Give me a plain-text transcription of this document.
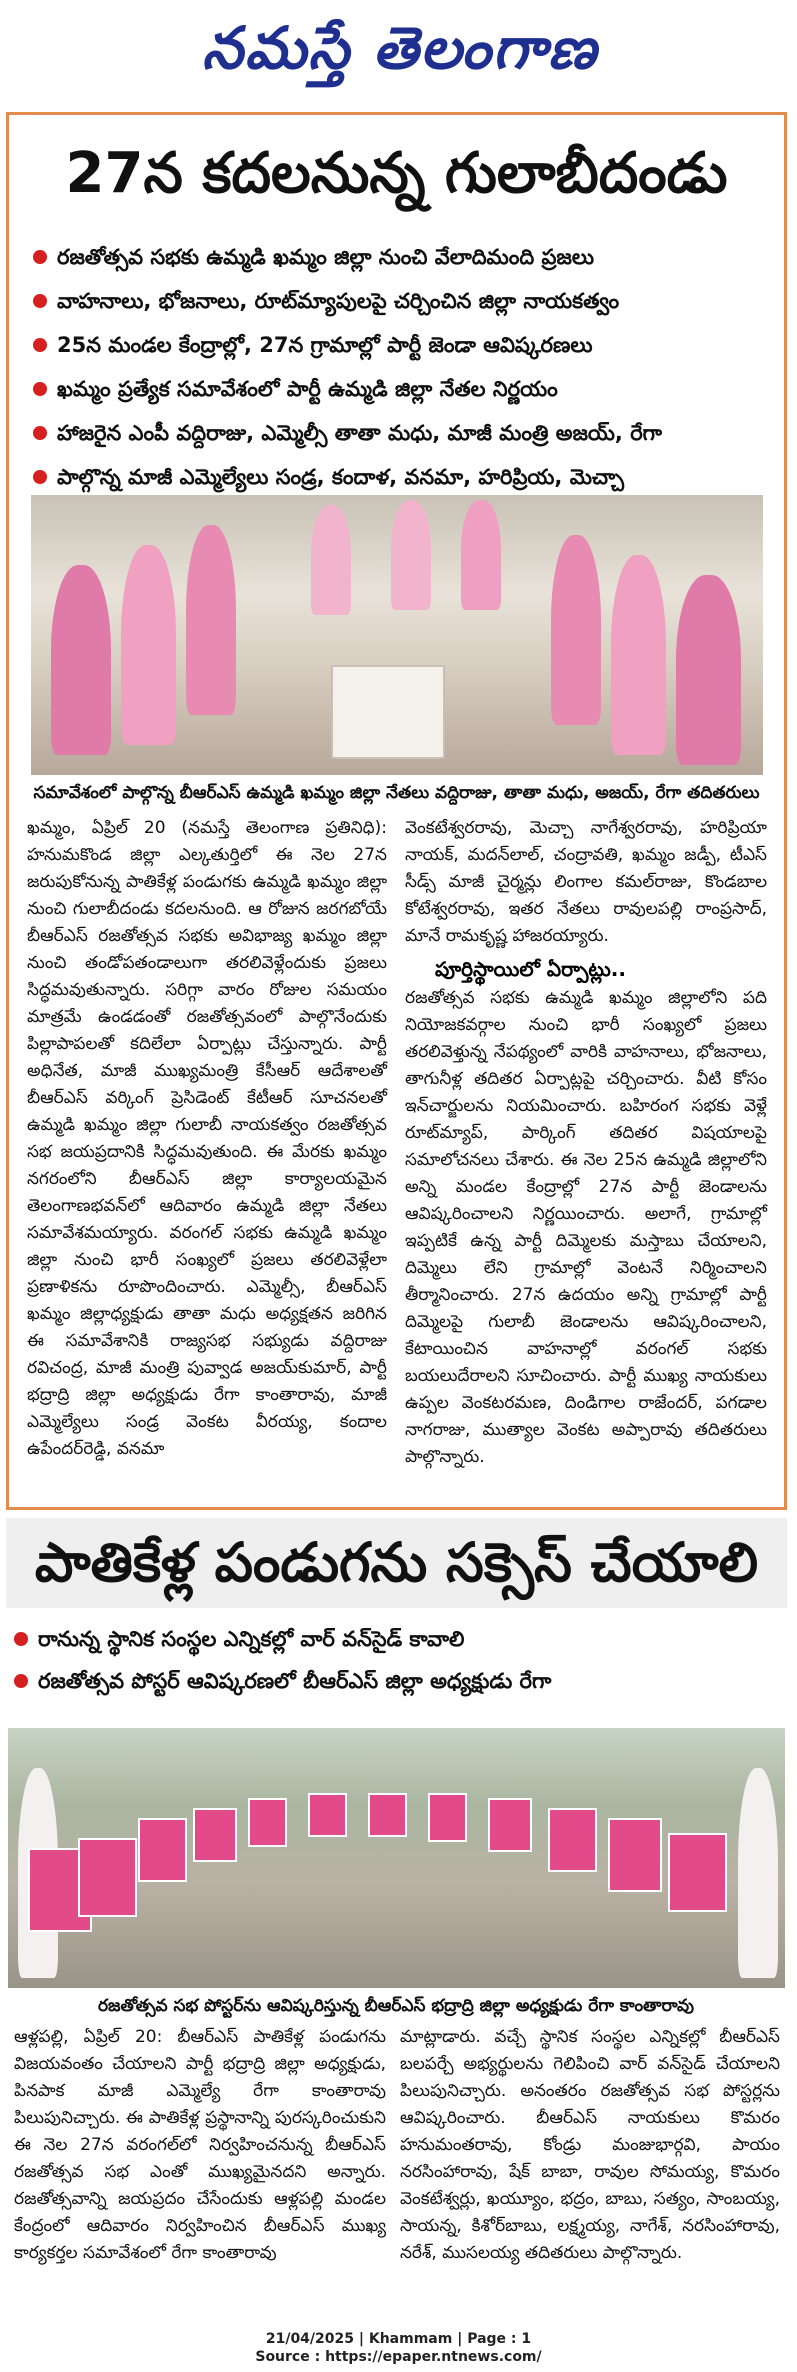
నమస్తే తెలంగాణ
27న కదలనున్న గులాబీదండు
రజతోత్సవ సభకు ఉమ్మడి ఖమ్మం జిల్లా నుంచి వేలాదిమంది ప్రజలు
వాహనాలు, భోజనాలు, రూట్‌మ్యాపులపై చర్చించిన జిల్లా నాయకత్వం
25న మండల కేంద్రాల్లో, 27న గ్రామాల్లో పార్టీ జెండా ఆవిష్కరణలు
ఖమ్మం ప్రత్యేక సమావేశంలో పార్టీ ఉమ్మడి జిల్లా నేతల నిర్ణయం
హాజరైన ఎంపీ వద్దిరాజు, ఎమ్మెల్సీ తాతా మధు, మాజీ మంత్రి అజయ్, రేగా
పాల్గొన్న మాజీ ఎమ్మెల్యేలు సండ్ర, కందాళ, వనమా, హరిప్రియ, మెచ్చా
సమావేశంలో పాల్గొన్న బీఆర్‌ఎస్ ఉమ్మడి ఖమ్మం జిల్లా నేతలు వద్దిరాజు, తాతా మధు, అజయ్, రేగా తదితరులు
ఖమ్మం, ఏప్రిల్ 20 (నమస్తే తెలంగాణ ప్రతినిధి): హనుమకొండ జిల్లా ఎల్కతుర్తిలో ఈ నెల 27న జరుపుకోనున్న పాతికేళ్ల పండుగకు ఉమ్మడి ఖమ్మం జిల్లా నుంచి గులాబీదండు కదలనుంది. ఆ రోజున జరగబోయే బీఆర్‌ఎస్ రజతోత్సవ సభకు అవిభాజ్య ఖమ్మం జిల్లా నుంచి తండోపతండాలుగా తరలివెళ్లేందుకు ప్రజలు సిద్ధమవుతున్నారు. సరిగ్గా వారం రోజుల సమయం మాత్రమే ఉండడంతో రజతోత్సవంలో పాల్గొనేందుకు పిల్లాపాపలతో కదిలేలా ఏర్పాట్లు చేస్తున్నారు. పార్టీ అధినేత, మాజీ ముఖ్యమంత్రి కేసీఆర్ ఆదేశాలతో బీఆర్‌ఎస్ వర్కింగ్ ప్రెసిడెంట్ కేటీఆర్ సూచనలతో ఉమ్మడి ఖమ్మం జిల్లా గులాబీ నాయకత్వం రజతోత్సవ సభ జయప్రదానికి సిద్ధమవుతుంది. ఈ మేరకు ఖమ్మం నగరంలోని బీఆర్‌ఎస్ జిల్లా కార్యాలయమైన తెలంగాణభవన్‌లో ఆదివారం ఉమ్మడి జిల్లా నేతలు సమావేశమయ్యారు. వరంగల్ సభకు ఉమ్మడి ఖమ్మం జిల్లా నుంచి భారీ సంఖ్యలో ప్రజలు తరలివెళ్లేలా ప్రణాళికను రూపొందించారు. ఎమ్మెల్సీ, బీఆర్‌ఎస్ ఖమ్మం జిల్లాధ్యక్షుడు తాతా మధు అధ్యక్షతన జరిగిన ఈ సమావేశానికి రాజ్యసభ సభ్యుడు వద్దిరాజు రవిచంద్ర, మాజీ మంత్రి పువ్వాడ అజయ్‌కుమార్, పార్టీ భద్రాద్రి జిల్లా అధ్యక్షుడు రేగా కాంతారావు, మాజీ ఎమ్మెల్యేలు సండ్ర వెంకట వీరయ్య, కందాల ఉపేందర్‌రెడ్డి, వనమా
వెంకటేశ్వరరావు, మెచ్చా నాగేశ్వరరావు, హరిప్రియా నాయక్, మదన్‌లాల్, చంద్రావతి, ఖమ్మం జడ్పీ, టీఎస్ సీడ్స్ మాజీ చైర్మన్లు లింగాల కమల్‌రాజు, కొండబాల కోటేశ్వరరావు, ఇతర నేతలు రావులపల్లి రాంప్రసాద్, మానే రామకృష్ణ హాజరయ్యారు.
పూర్తిస్థాయిలో ఏర్పాట్లు..
రజతోత్సవ సభకు ఉమ్మడి ఖమ్మం జిల్లాలోని పది నియోజకవర్గాల నుంచి భారీ సంఖ్యలో ప్రజలు తరలివెళ్తున్న నేపథ్యంలో వారికి వాహనాలు, భోజనాలు, తాగునీళ్ల తదితర ఏర్పాట్లపై చర్చించారు. వీటి కోసం ఇన్‌చార్జులను నియమించారు. బహిరంగ సభకు వెళ్లే రూట్‌మ్యాప్, పార్కింగ్ తదితర విషయాలపై సమాలోచనలు చేశారు. ఈ నెల 25న ఉమ్మడి జిల్లాలోని అన్ని మండల కేంద్రాల్లో 27న పార్టీ జెండాలను ఆవిష్కరించాలని నిర్ణయించారు. అలాగే, గ్రామాల్లో ఇప్పటికే ఉన్న పార్టీ దిమ్మెలకు మస్తాబు చేయాలని, దిమ్మెలు లేని గ్రామాల్లో వెంటనే నిర్మించాలని తీర్మానించారు. 27న ఉదయం అన్ని గ్రామాల్లో పార్టీ దిమ్మెలపై గులాబీ జెండాలను ఆవిష్కరించాలని, కేటాయించిన వాహనాల్లో వరంగల్ సభకు బయలుదేరాలని సూచించారు. పార్టీ ముఖ్య నాయకులు ఉప్పల వెంకటరమణ, దిండిగాల రాజేందర్, పగడాల నాగరాజు, ముత్యాల వెంకట అప్పారావు తదితరులు పాల్గొన్నారు.
పాతికేళ్ల పండుగను సక్సెస్ చేయాలి
రానున్న స్థానిక సంస్థల ఎన్నికల్లో వార్ వన్‌సైడ్ కావాలి
రజతోత్సవ పోస్టర్ ఆవిష్కరణలో బీఆర్‌ఎస్ జిల్లా అధ్యక్షుడు రేగా
రజతోత్సవ సభ పోస్టర్‌ను ఆవిష్కరిస్తున్న బీఆర్‌ఎస్ భద్రాద్రి జిల్లా అధ్యక్షుడు రేగా కాంతారావు
ఆళ్లపల్లి, ఏప్రిల్ 20: బీఆర్‌ఎస్ పాతికేళ్ల పండుగను విజయవంతం చేయాలని పార్టీ భద్రాద్రి జిల్లా అధ్యక్షుడు, పినపాక మాజీ ఎమ్మెల్యే రేగా కాంతారావు పిలుపునిచ్చారు. ఈ పాతికేళ్ల ప్రస్థానాన్ని పురస్కరించుకుని ఈ నెల 27న వరంగల్‌లో నిర్వహించనున్న బీఆర్‌ఎస్ రజతోత్సవ సభ ఎంతో ముఖ్యమైనదని అన్నారు. రజతోత్సవాన్ని జయప్రదం చేసేందుకు ఆళ్లపల్లి మండల కేంద్రంలో ఆదివారం నిర్వహించిన బీఆర్‌ఎస్ ముఖ్య కార్యకర్తల సమావేశంలో రేగా కాంతారావు
మాట్లాడారు. వచ్చే స్థానిక సంస్థల ఎన్నికల్లో బీఆర్‌ఎస్ బలపర్చే అభ్యర్థులను గెలిపించి వార్ వన్‌సైడ్ చేయాలని పిలుపునిచ్చారు. అనంతరం రజతోత్సవ సభ పోస్టర్లను ఆవిష్కరించారు. బీఆర్‌ఎస్ నాయకులు కొమరం హనుమంతరావు, కోండ్రు మంజుభార్గవి, పాయం నరసింహారావు, షేక్ బాబా, రావుల సోమయ్య, కొమరం వెంకటేశ్వర్లు, ఖయ్యూం, భద్రం, బాబు, సత్యం, సాంబయ్య, సాయన్న, కిశోర్‌బాబు, లక్ష్మయ్య, నాగేశ్, నరసింహారావు, నరేశ్, ముసలయ్య తదితరులు పాల్గొన్నారు.
21/04/2025 | Khammam | Page : 1
Source : https://epaper.ntnews.com/
